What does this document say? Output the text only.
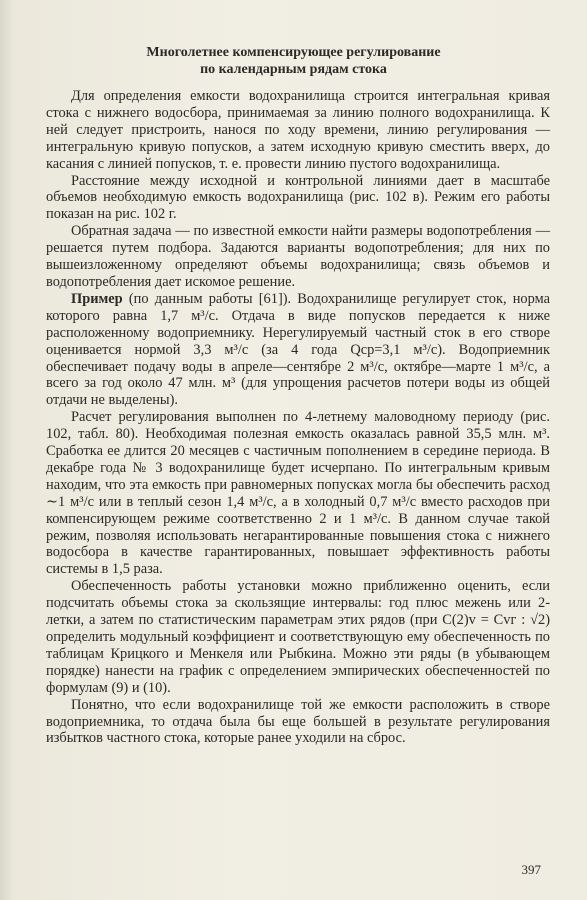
Многолетнее компенсирующее регулирование
по календарным рядам стока

Для определения емкости водохранилища строится интегральная кривая стока с нижнего водосбора, принимаемая за линию полного водохранилища. К ней следует пристроить, нанося по ходу времени, линию регулирования — интегральную кривую попусков, а затем исходную кривую сместить вверх, до касания с линией попусков, т. е. провести линию пустого водохранилища.

Расстояние между исходной и контрольной линиями дает в масштабе объемов необходимую емкость водохранилища (рис. 102 в). Режим его работы показан на рис. 102 г.

Обратная задача — по известной емкости найти размеры водопотребления — решается путем подбора. Задаются варианты водопотребления; для них по вышеизложенному определяют объемы водохранилища; связь объемов и водопотребления дает искомое решение.

Пример (по данным работы [61]). Водохранилище регулирует сток, норма которого равна 1,7 м³/с. Отдача в виде попусков передается к ниже расположенному водоприемнику. Нерегулируемый частный сток в его створе оценивается нормой 3,3 м³/с (за 4 года Qср=3,1 м³/с). Водоприемник обеспечивает подачу воды в апреле—сентябре 2 м³/с, октябре—марте 1 м³/с, а всего за год около 47 млн. м³ (для упрощения расчетов потери воды из общей отдачи не выделены).

Расчет регулирования выполнен по 4-летнему маловодному периоду (рис. 102, табл. 80). Необходимая полезная емкость оказалась равной 35,5 млн. м³. Сработка ее длится 20 месяцев с частичным пополнением в середине периода. В декабре года № 3 водохранилище будет исчерпано. По интегральным кривым находим, что эта емкость при равномерных попусках могла бы обеспечить расход ∼1 м³/с или в теплый сезон 1,4 м³/с, а в холодный 0,7 м³/с вместо расходов при компенсирующем режиме соответственно 2 и 1 м³/с. В данном случае такой режим, позволяя использовать негарантированные повышения стока с нижнего водосбора в качестве гарантированных, повышает эффективность работы системы в 1,5 раза.

Обеспеченность работы установки можно приближенно оценить, если подсчитать объемы стока за скользящие интервалы: год плюс межень или 2-летки, а затем по статистическим параметрам этих рядов (при C(2)v = Cvг : √2) определить модульный коэффициент и соответствующую ему обеспеченность по таблицам Крицкого и Менкеля или Рыбкина. Можно эти ряды (в убывающем порядке) нанести на график с определением эмпирических обеспеченностей по формулам (9) и (10).

Понятно, что если водохранилище той же емкости расположить в створе водоприемника, то отдача была бы еще большей в результате регулирования избытков частного стока, которые ранее уходили на сброс.

397
